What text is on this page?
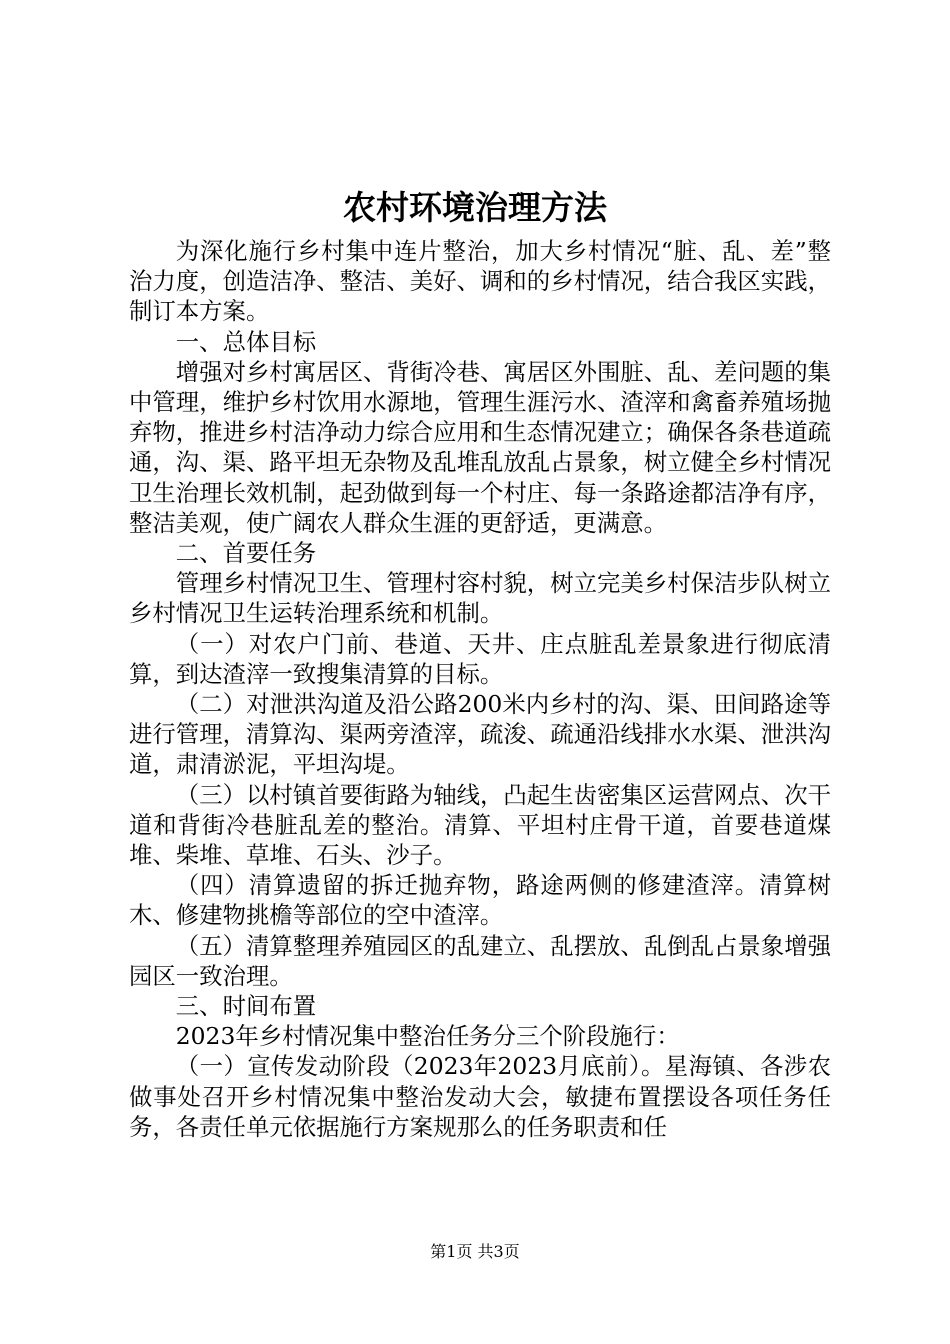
农村环境治理方法

为深化施行乡村集中连片整治，加大乡村情况“脏、乱、差”整治力度，创造洁净、整洁、美好、调和的乡村情况，结合我区实践，制订本方案。

一、总体目标

增强对乡村寓居区、背街冷巷、寓居区外围脏、乱、差问题的集中管理，维护乡村饮用水源地，管理生涯污水、渣滓和禽畜养殖场抛弃物，推进乡村洁净动力综合应用和生态情况建立；确保各条巷道疏通，沟、渠、路平坦无杂物及乱堆乱放乱占景象，树立健全乡村情况卫生治理长效机制，起劲做到每一个村庄、每一条路途都洁净有序，整洁美观，使广阔农人群众生涯的更舒适，更满意。

二、首要任务

管理乡村情况卫生、管理村容村貌，树立完美乡村保洁步队树立乡村情况卫生运转治理系统和机制。

（一）对农户门前、巷道、天井、庄点脏乱差景象进行彻底清算，到达渣滓一致搜集清算的目标。

（二）对泄洪沟道及沿公路200米内乡村的沟、渠、田间路途等进行管理，清算沟、渠两旁渣滓，疏浚、疏通沿线排水水渠、泄洪沟道，肃清淤泥，平坦沟堤。

（三）以村镇首要街路为轴线，凸起生齿密集区运营网点、次干道和背街冷巷脏乱差的整治。清算、平坦村庄骨干道，首要巷道煤堆、柴堆、草堆、石头、沙子。

（四）清算遗留的拆迁抛弃物，路途两侧的修建渣滓。清算树木、修建物挑檐等部位的空中渣滓。

（五）清算整理养殖园区的乱建立、乱摆放、乱倒乱占景象增强园区一致治理。

三、时间布置

2023年乡村情况集中整治任务分三个阶段施行：

（一）宣传发动阶段（2023年2023月底前）。星海镇、各涉农做事处召开乡村情况集中整治发动大会，敏捷布置摆设各项任务任务，各责任单元依据施行方案规那么的任务职责和任

第1页 共3页
